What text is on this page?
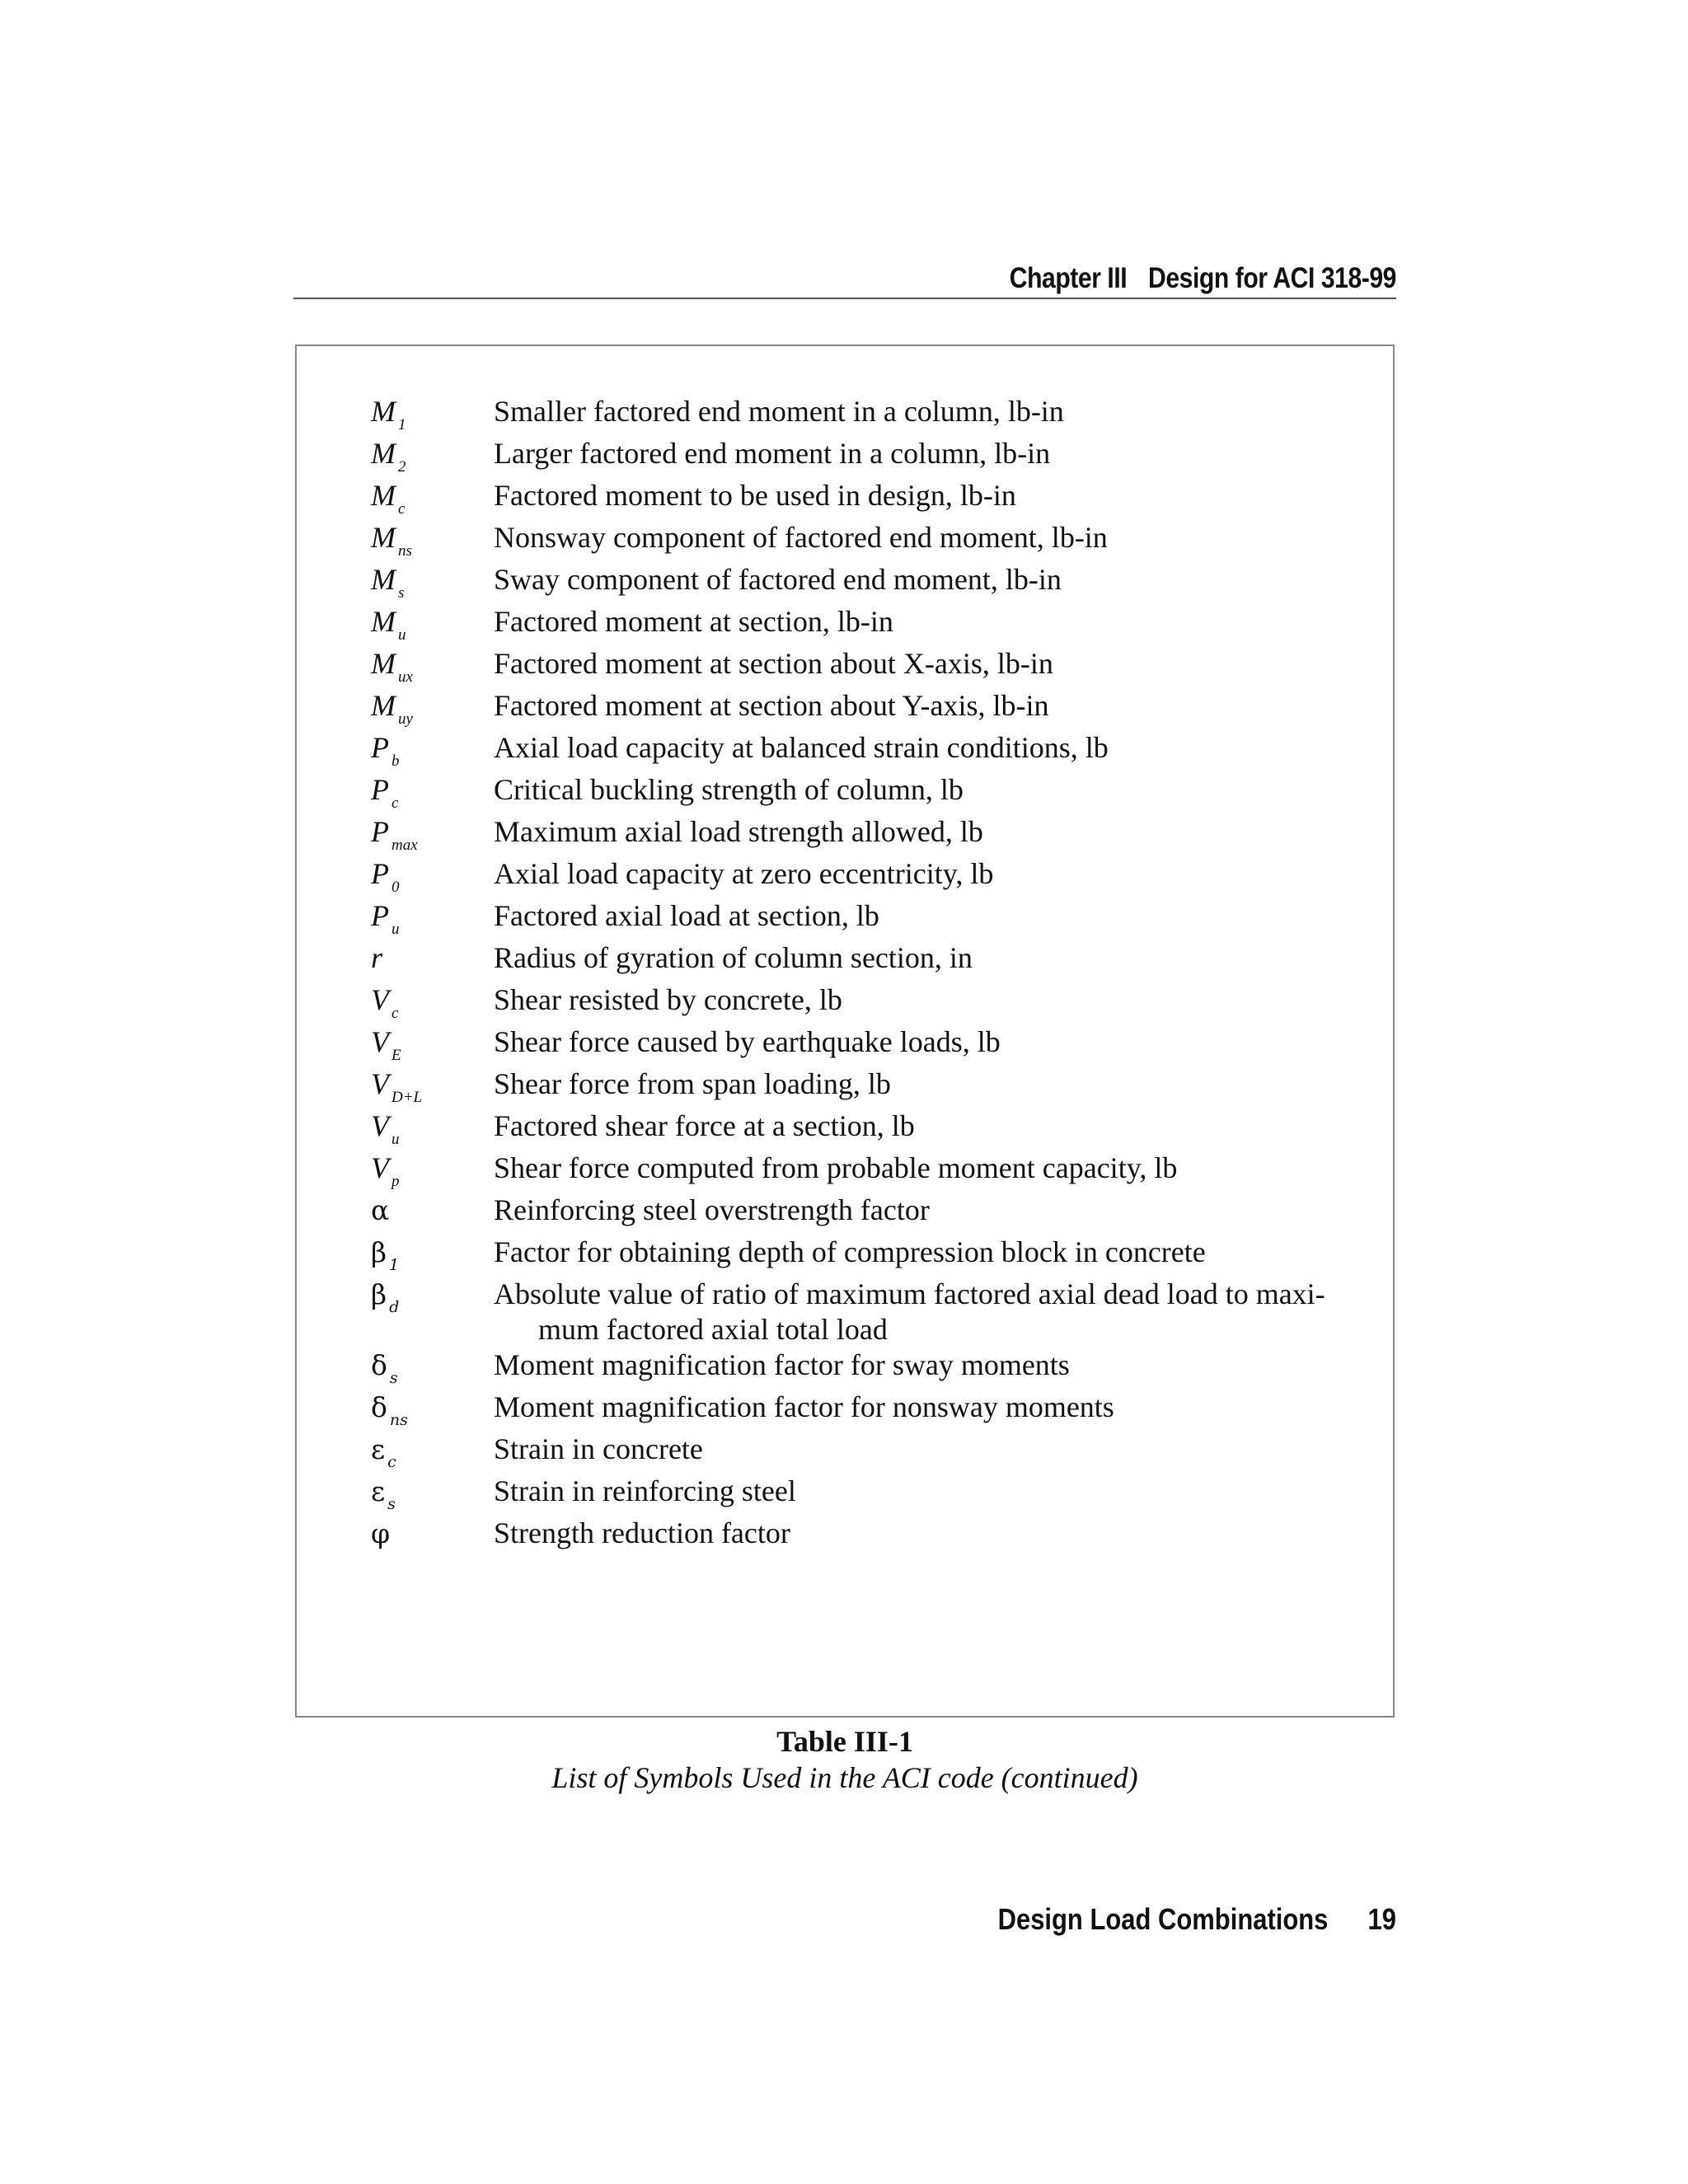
Chapter III Design for ACI 318-99
M $_1$	Smaller factored end moment in a column, lb-in
M $_2$	Larger factored end moment in a column, lb-in
M $_c$	Factored moment to be used in design, lb-in
M $_{ns}$	Nonsway component of factored end moment, lb-in
M $_s$	Sway component of factored end moment, lb-in
M $_u$	Factored moment at section, lb-in
M $_{ux}$	Factored moment at section about X-axis, lb-in
M $_{uy}$	Factored moment at section about Y-axis, lb-in
P $_b$	Axial load capacity at balanced strain conditions, lb
P $_c$	Critical buckling strength of column, lb
P $_{max}$	Maximum axial load strength allowed, lb
P $_0$	Axial load capacity at zero eccentricity, lb
P $_u$	Factored axial load at section, lb
r	Radius of gyration of column section, in
V $_c$	Shear resisted by concrete, lb
V $_E$	Shear force caused by earthquake loads, lb
V $_{D+L}$	Shear force from span loading, lb
V $_u$	Factored shear force at a section, lb
V $_p$	Shear force computed from probable moment capacity, lb
α	Reinforcing steel overstrength factor
β $_1$	Factor for obtaining depth of compression block in concrete
β $_d$	Absolute value of ratio of maximum factored axial dead load to maxi-
mum factored axial total load
δ $_s$	Moment magnification factor for sway moments
δ $_{ns}$	Moment magnification factor for nonsway moments
ε $_c$	Strain in concrete
ε $_s$	Strain in reinforcing steel
φ	Strength reduction factor
Table III-1
List of Symbols Used in the ACI code (continued)
Design Load Combinations 19
